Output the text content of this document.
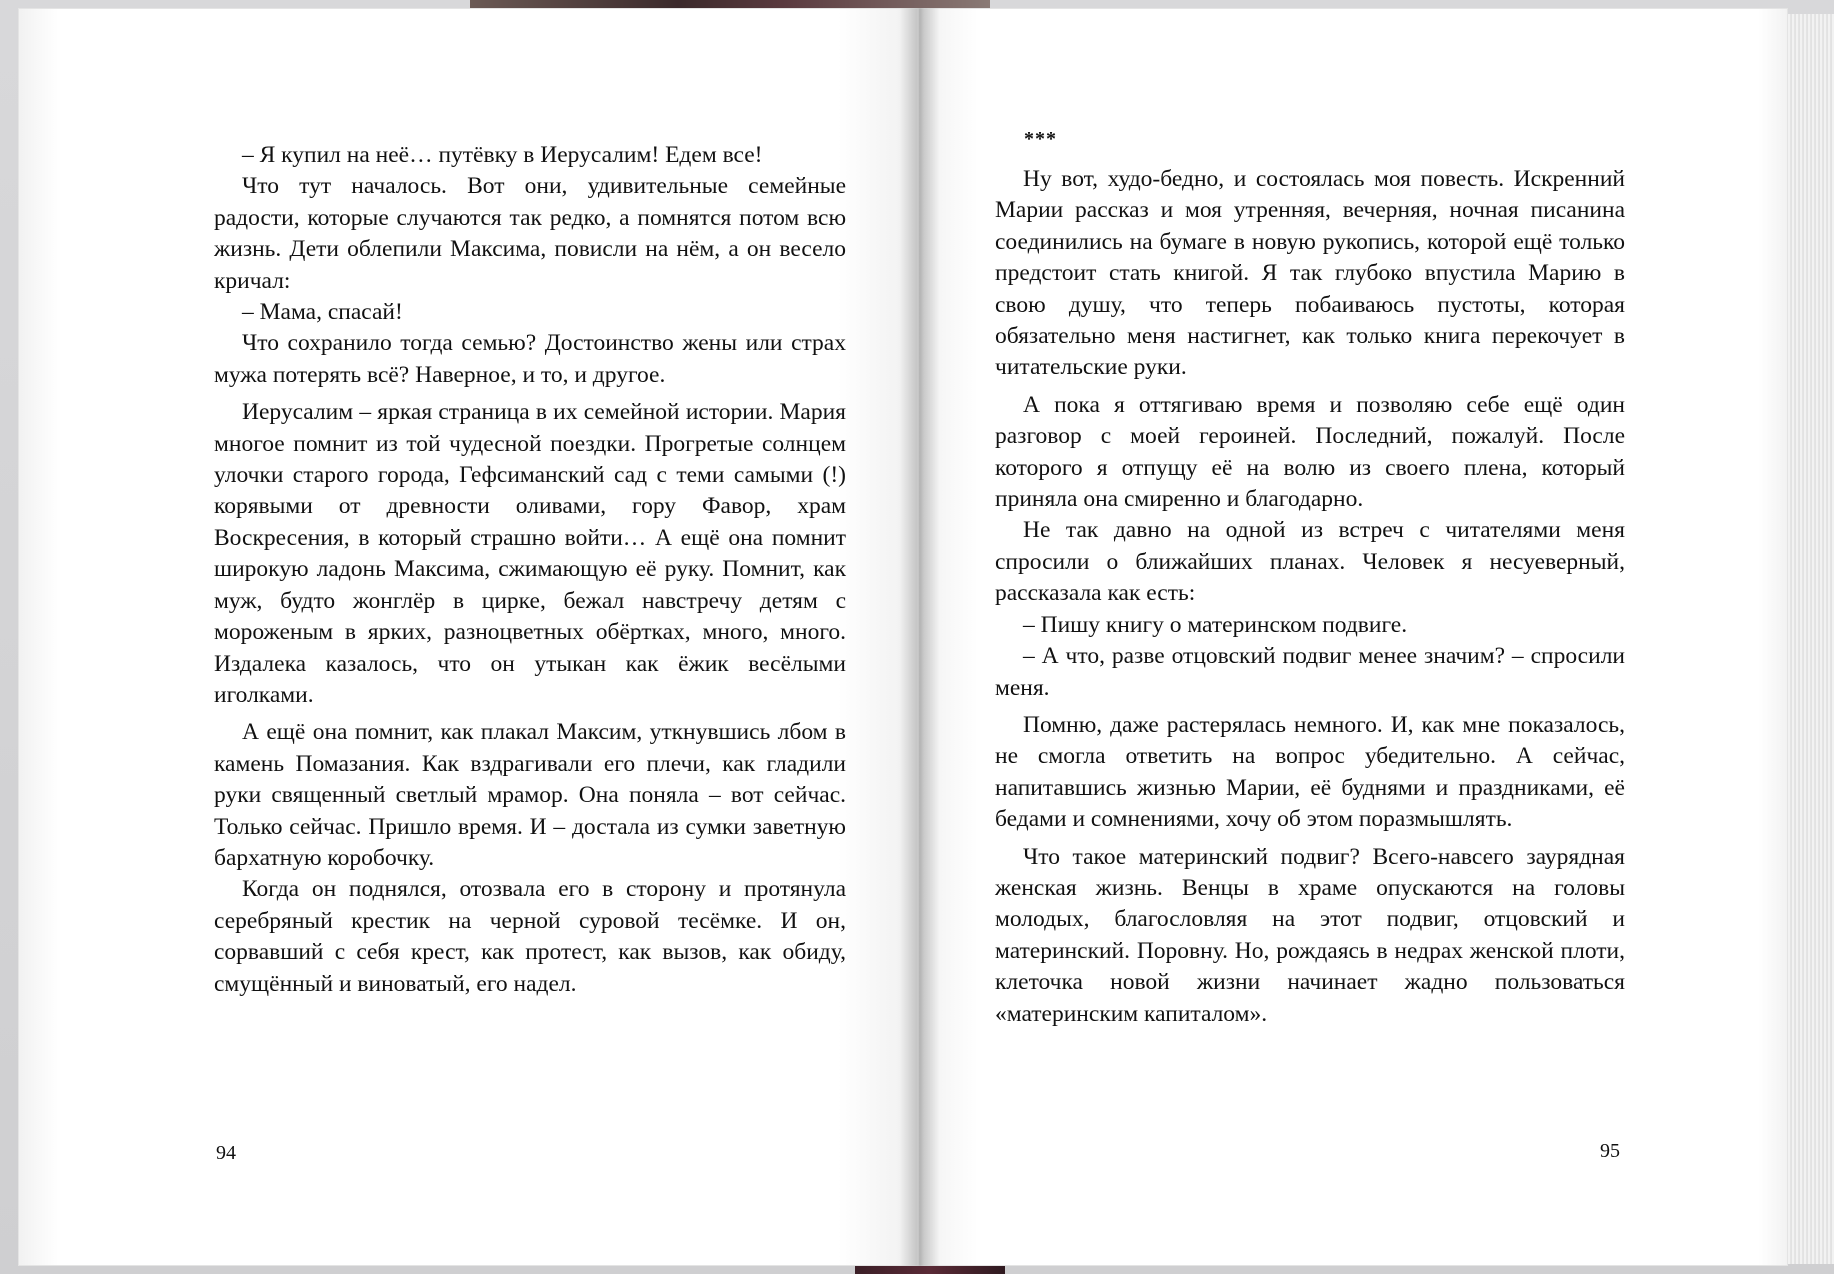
– Я купил на неё… путёвку в Иерусалим! Едем все!

Что тут началось. Вот они, удивительные семейные радости, которые случаются так редко, а помнятся потом всю жизнь. Дети облепили Максима, повисли на нём, а он весело кричал:

– Мама, спасай!

Что сохранило тогда семью? Достоинство жены или страх мужа потерять всё? Наверное, и то, и другое.

Иерусалим – яркая страница в их семейной истории. Мария многое помнит из той чудесной поездки. Прогретые солнцем улочки старого города, Гефсиманский сад с теми самыми (!) корявыми от древности оливами, гору Фавор, храм Воскресения, в который страшно войти… А ещё она помнит широкую ладонь Максима, сжимающую её руку. Помнит, как муж, будто жонглёр в цирке, бежал навстречу детям с мороженым в ярких, разноцветных обёртках, много, много. Издалека казалось, что он утыкан как ёжик весёлыми иголками.

А ещё она помнит, как плакал Максим, уткнувшись лбом в камень Помазания. Как вздрагивали его плечи, как гладили руки священный светлый мрамор. Она поняла – вот сейчас. Только сейчас. Пришло время. И – достала из сумки заветную бархатную коробочку.

Когда он поднялся, отозвала его в сторону и протянула серебряный крестик на черной суровой тесёмке. И он, сорвавший с себя крест, как протест, как вызов, как обиду, смущённый и виноватый, его надел.

***

Ну вот, худо-бедно, и состоялась моя повесть. Искренний Марии рассказ и моя утренняя, вечерняя, ночная писанина соединились на бумаге в новую рукопись, которой ещё только предстоит стать книгой. Я так глубоко впустила Марию в свою душу, что теперь побаиваюсь пустоты, которая обязательно меня настигнет, как только книга перекочует в читательские руки.

А пока я оттягиваю время и позволяю себе ещё один разговор с моей героиней. Последний, пожалуй. После которого я отпущу её на волю из своего плена, который приняла она смиренно и благодарно.

Не так давно на одной из встреч с читателями меня спросили о ближайших планах. Человек я несуеверный, рассказала как есть:

– Пишу книгу о материнском подвиге.

– А что, разве отцовский подвиг менее значим? – спросили меня.

Помню, даже растерялась немного. И, как мне показалось, не смогла ответить на вопрос убедительно. А сейчас, напитавшись жизнью Марии, её буднями и праздниками, её бедами и сомнениями, хочу об этом поразмышлять.

Что такое материнский подвиг? Всего-навсего заурядная женская жизнь. Венцы в храме опускаются на головы молодых, благословляя на этот подвиг, отцовский и материнский. Поровну. Но, рождаясь в недрах женской плоти, клеточка новой жизни начинает жадно пользоваться «материнским капиталом».

94	95
